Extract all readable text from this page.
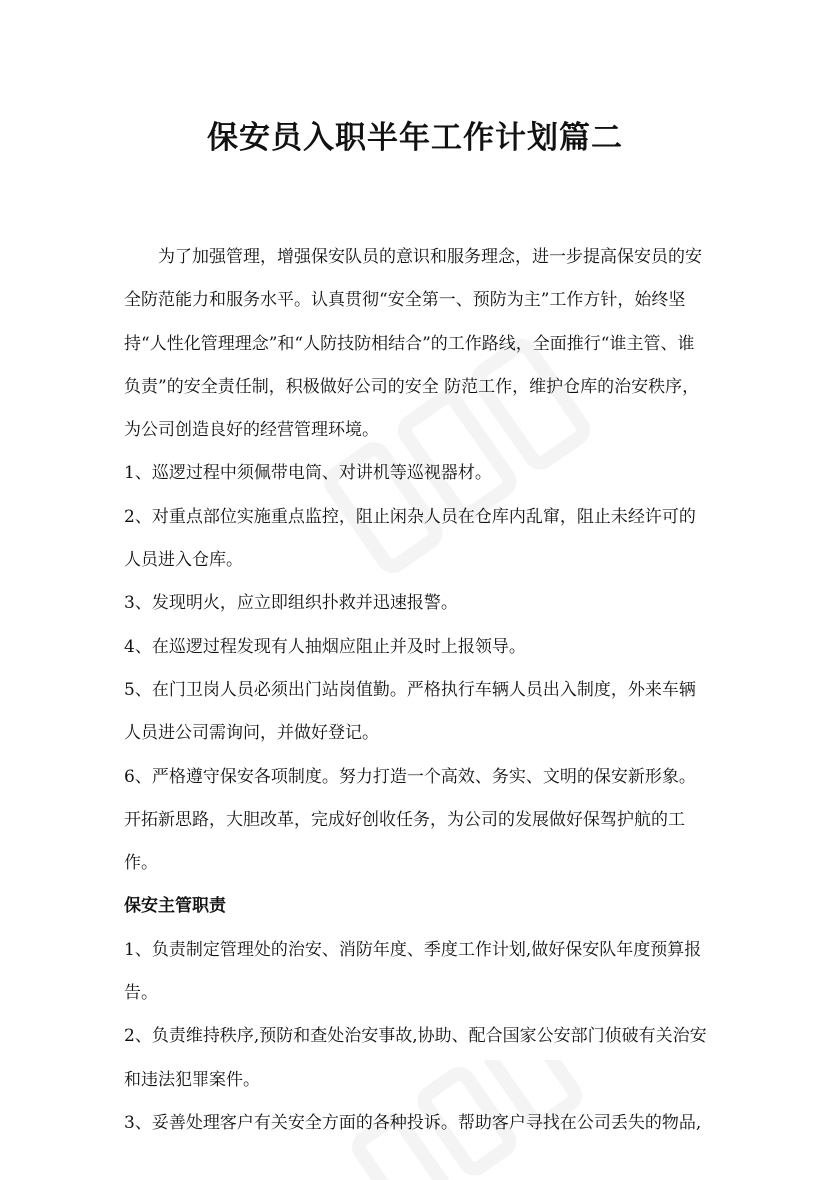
保安员入职半年工作计划篇二

为了加强管理，增强保安队员的意识和服务理念，进一步提高保安员的安全防范能力和服务水平。认真贯彻“安全第一、预防为主”工作方针，始终坚持“人性化管理理念”和“人防技防相结合”的工作路线，全面推行“谁主管、谁负责”的安全责任制，积极做好公司的安全 防范工作，维护仓库的治安秩序，为公司创造良好的经营管理环境。

1、巡逻过程中须佩带电筒、对讲机等巡视器材。

2、对重点部位实施重点监控，阻止闲杂人员在仓库内乱窜，阻止未经许可的人员进入仓库。

3、发现明火，应立即组织扑救并迅速报警。

4、在巡逻过程发现有人抽烟应阻止并及时上报领导。

5、在门卫岗人员必须出门站岗值勤。严格执行车辆人员出入制度，外来车辆人员进公司需询问，并做好登记。

6、严格遵守保安各项制度。努力打造一个高效、务实、文明的保安新形象。开拓新思路，大胆改革，完成好创收任务，为公司的发展做好保驾护航的工作。

保安主管职责

1、负责制定管理处的治安、消防年度、季度工作计划,做好保安队年度预算报告。

2、负责维持秩序,预防和查处治安事故,协助、配合国家公安部门侦破有关治安和违法犯罪案件。

3、妥善处理客户有关安全方面的各种投诉。帮助客户寻找在公司丢失的物品,
